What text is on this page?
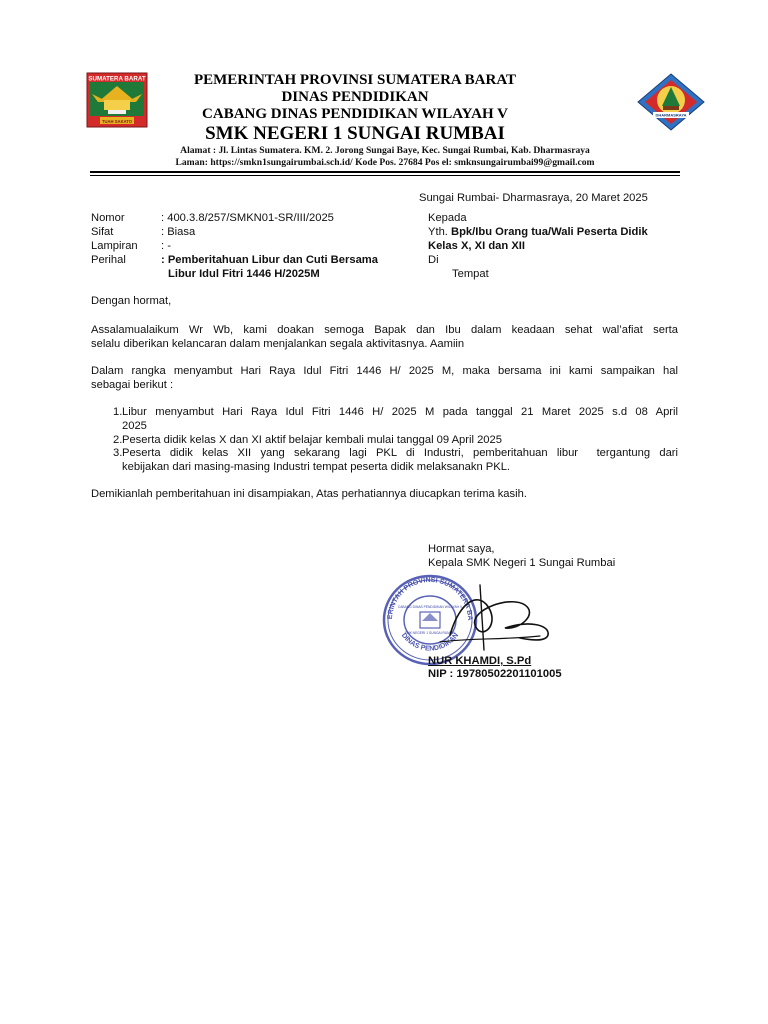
SUMATERA BARAT
TUAH SAKATO
DHARMASRAYA
PEMERINTAH PROVINSI SUMATERA BARAT
DINAS PENDIDIKAN
CABANG DINAS PENDIDIKAN WILAYAH V
SMK NEGERI 1 SUNGAI RUMBAI
Alamat : Jl. Lintas Sumatera. KM. 2. Jorong Sungai Baye, Kec. Sungai Rumbai, Kab. Dharmasraya
Laman: https://smkn1sungairumbai.sch.id/ Kode Pos. 27684 Pos el: smknsungairumbai99@gmail.com
Sungai Rumbai- Dharmasraya, 20 Maret 2025
Nomor	: 400.3.8/257/SMKN01-SR/III/2025
Sifat	: Biasa
Lampiran : -
Perihal	: Pemberitahuan Libur dan Cuti Bersama
Libur Idul Fitri 1446 H/2025M
Kepada
Yth. Bpk/Ibu Orang tua/Wali Peserta Didik
Kelas X, XI dan XII
Di
Tempat
Dengan hormat,
Assalamualaikum Wr Wb, kami doakan semoga Bapak dan Ibu dalam keadaan sehat wal’afiat serta
selalu diberikan kelancaran dalam menjalankan segala aktivitasnya. Aamiin
Dalam rangka menyambut Hari Raya Idul Fitri 1446 H/ 2025 M, maka bersama ini kami sampaikan hal
sebagai berikut :
1. Libur menyambut Hari Raya Idul Fitri 1446 H/ 2025 M pada tanggal 21 Maret 2025 s.d 08 April
2025
2. Peserta didik kelas X dan XI aktif belajar kembali mulai tanggal 09 April 2025
3. Peserta didik kelas XII yang sekarang lagi PKL di Industri, pemberitahuan libur  tergantung dari
kebijakan dari masing-masing Industri tempat peserta didik melaksanakn PKL.
Demikianlah pemberitahuan ini disampiakan, Atas perhatiannya diucapkan terima kasih.
Hormat saya,
Kepala SMK Negeri 1 Sungai Rumbai
ERINTAH PROVINSI SUMATERA BA
DINAS PENDIDIKAN
CABANG DINAS PENDIDIKAN WILAYAH V
SMK NEGERI 1 SUNGAI RUMBAI
NUR KHAMDI, S.Pd
NIP : 19780502201101005
